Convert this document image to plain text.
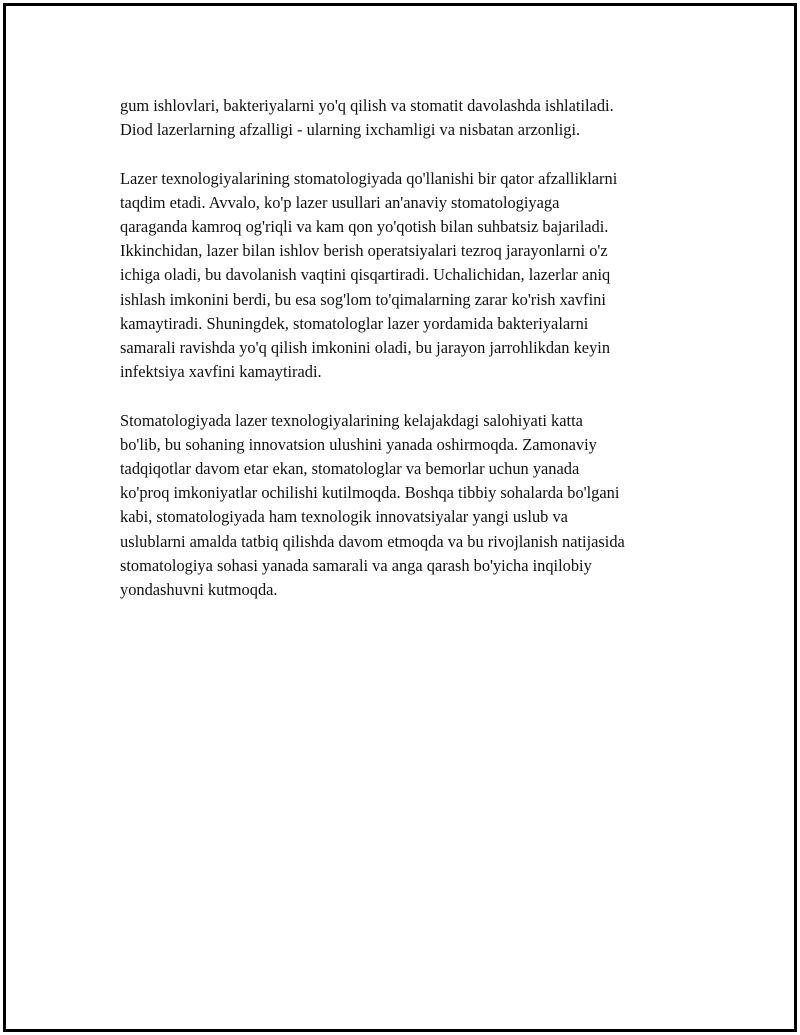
gum ishlovlari, bakteriyalarni yo'q qilish va stomatit davolashda ishlatiladi.
Diod lazerlarning afzalligi - ularning ixchamligi va nisbatan arzonligi.
Lazer texnologiyalarining stomatologiyada qo'llanishi bir qator afzalliklarni
taqdim etadi. Avvalo, ko'p lazer usullari an'anaviy stomatologiyaga
qaraganda kamroq og'riqli va kam qon yo'qotish bilan suhbatsiz bajariladi.
Ikkinchidan, lazer bilan ishlov berish operatsiyalari tezroq jarayonlarni o'z
ichiga oladi, bu davolanish vaqtini qisqartiradi. Uchalichidan, lazerlar aniq
ishlash imkonini berdi, bu esa sog'lom to'qimalarning zarar ko'rish xavfini
kamaytiradi. Shuningdek, stomatologlar lazer yordamida bakteriyalarni
samarali ravishda yo'q qilish imkonini oladi, bu jarayon jarrohlikdan keyin
infektsiya xavfini kamaytiradi.
Stomatologiyada lazer texnologiyalarining kelajakdagi salohiyati katta
bo'lib, bu sohaning innovatsion ulushini yanada oshirmoqda. Zamonaviy
tadqiqotlar davom etar ekan, stomatologlar va bemorlar uchun yanada
ko'proq imkoniyatlar ochilishi kutilmoqda. Boshqa tibbiy sohalarda bo'lgani
kabi, stomatologiyada ham texnologik innovatsiyalar yangi uslub va
uslublarni amalda tatbiq qilishda davom etmoqda va bu rivojlanish natijasida
stomatologiya sohasi yanada samarali va anga qarash bo'yicha inqilobiy
yondashuvni kutmoqda.
